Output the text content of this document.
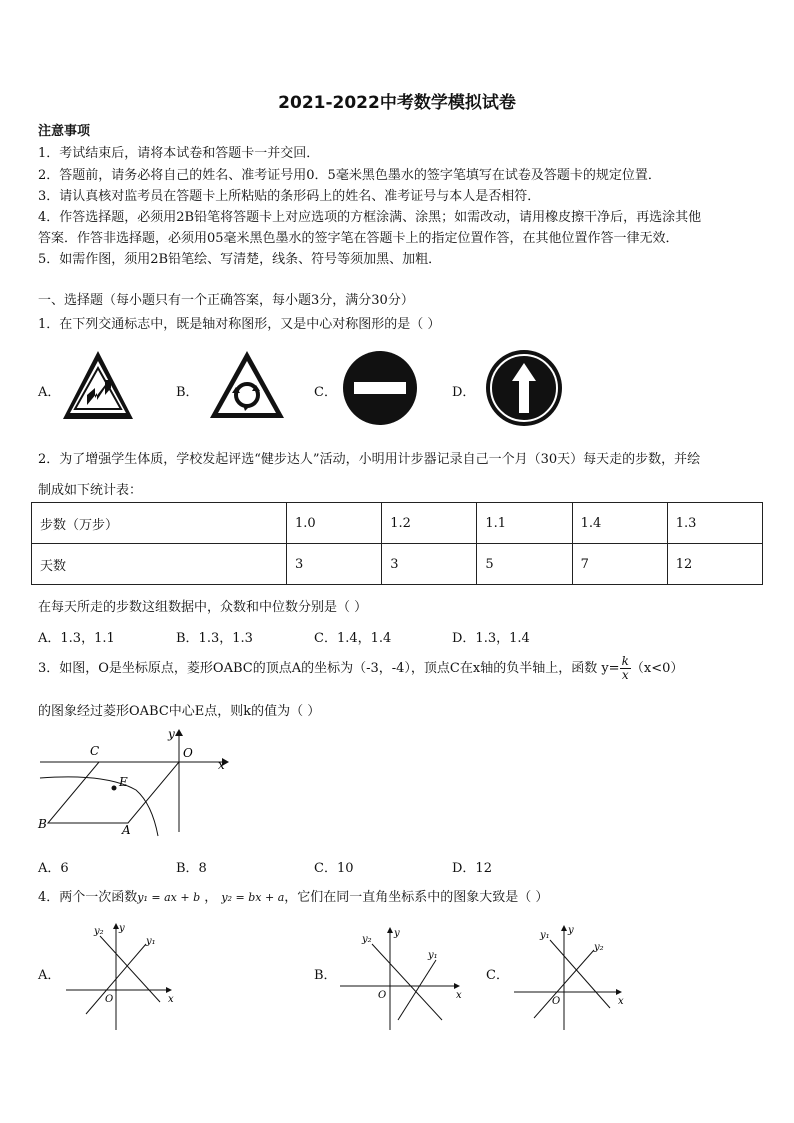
2021-2022中考数学模拟试卷
注意事项
1．考试结束后，请将本试卷和答题卡一并交回．
2．答题前，请务必将自己的姓名、准考证号用0．5毫米黑色墨水的签字笔填写在试卷及答题卡的规定位置．
3．请认真核对监考员在答题卡上所粘贴的条形码上的姓名、准考证号与本人是否相符．
4．作答选择题，必须用2B铅笔将答题卡上对应选项的方框涂满、涂黑；如需改动，请用橡皮擦干净后，再选涂其他
答案．作答非选择题，必须用05毫米黑色墨水的签字笔在答题卡上的指定位置作答，在其他位置作答一律无效．
5．如需作图，须用2B铅笔绘、写清楚，线条、符号等须加黑、加粗．
一、选择题（每小题只有一个正确答案，每小题3分，满分30分）
1．在下列交通标志中，既是轴对称图形，又是中心对称图形的是（ ）
A．	B．	C．	D．
2．为了增强学生体质，学校发起评选“健步达人”活动，小明用计步器记录自己一个月（30天）每天走的步数，并绘
制成如下统计表：
步数（万步）	1.0	1.2	1.1	1.4	1.3
天数	3	3	5	7	12
在每天所走的步数这组数据中，众数和中位数分别是（ ）
A．1.3，1.1	B．1.3，1.3	C．1.4，1.4	D．1.3，1.4
3．如图，O是坐标原点，菱形OABC的顶点A的坐标为（-3，-4），顶点C在x轴的负半轴上，函数 $y= \frac{k}{x} (x<0)$
的图象经过菱形OABC中心E点，则k的值为（ ）
C	O
y
x
E
B	A
A．6	B．8	C．10	D．12
4．两个一次函数y₁ = ax + b ， y₂ = bx + a，它们在同一直角坐标系中的图象大致是（ ）
A．
y₂ y
y₁
O	x
B．
y₂
y
y₁
O	x
C．
y₁ y
y₂
O	x
